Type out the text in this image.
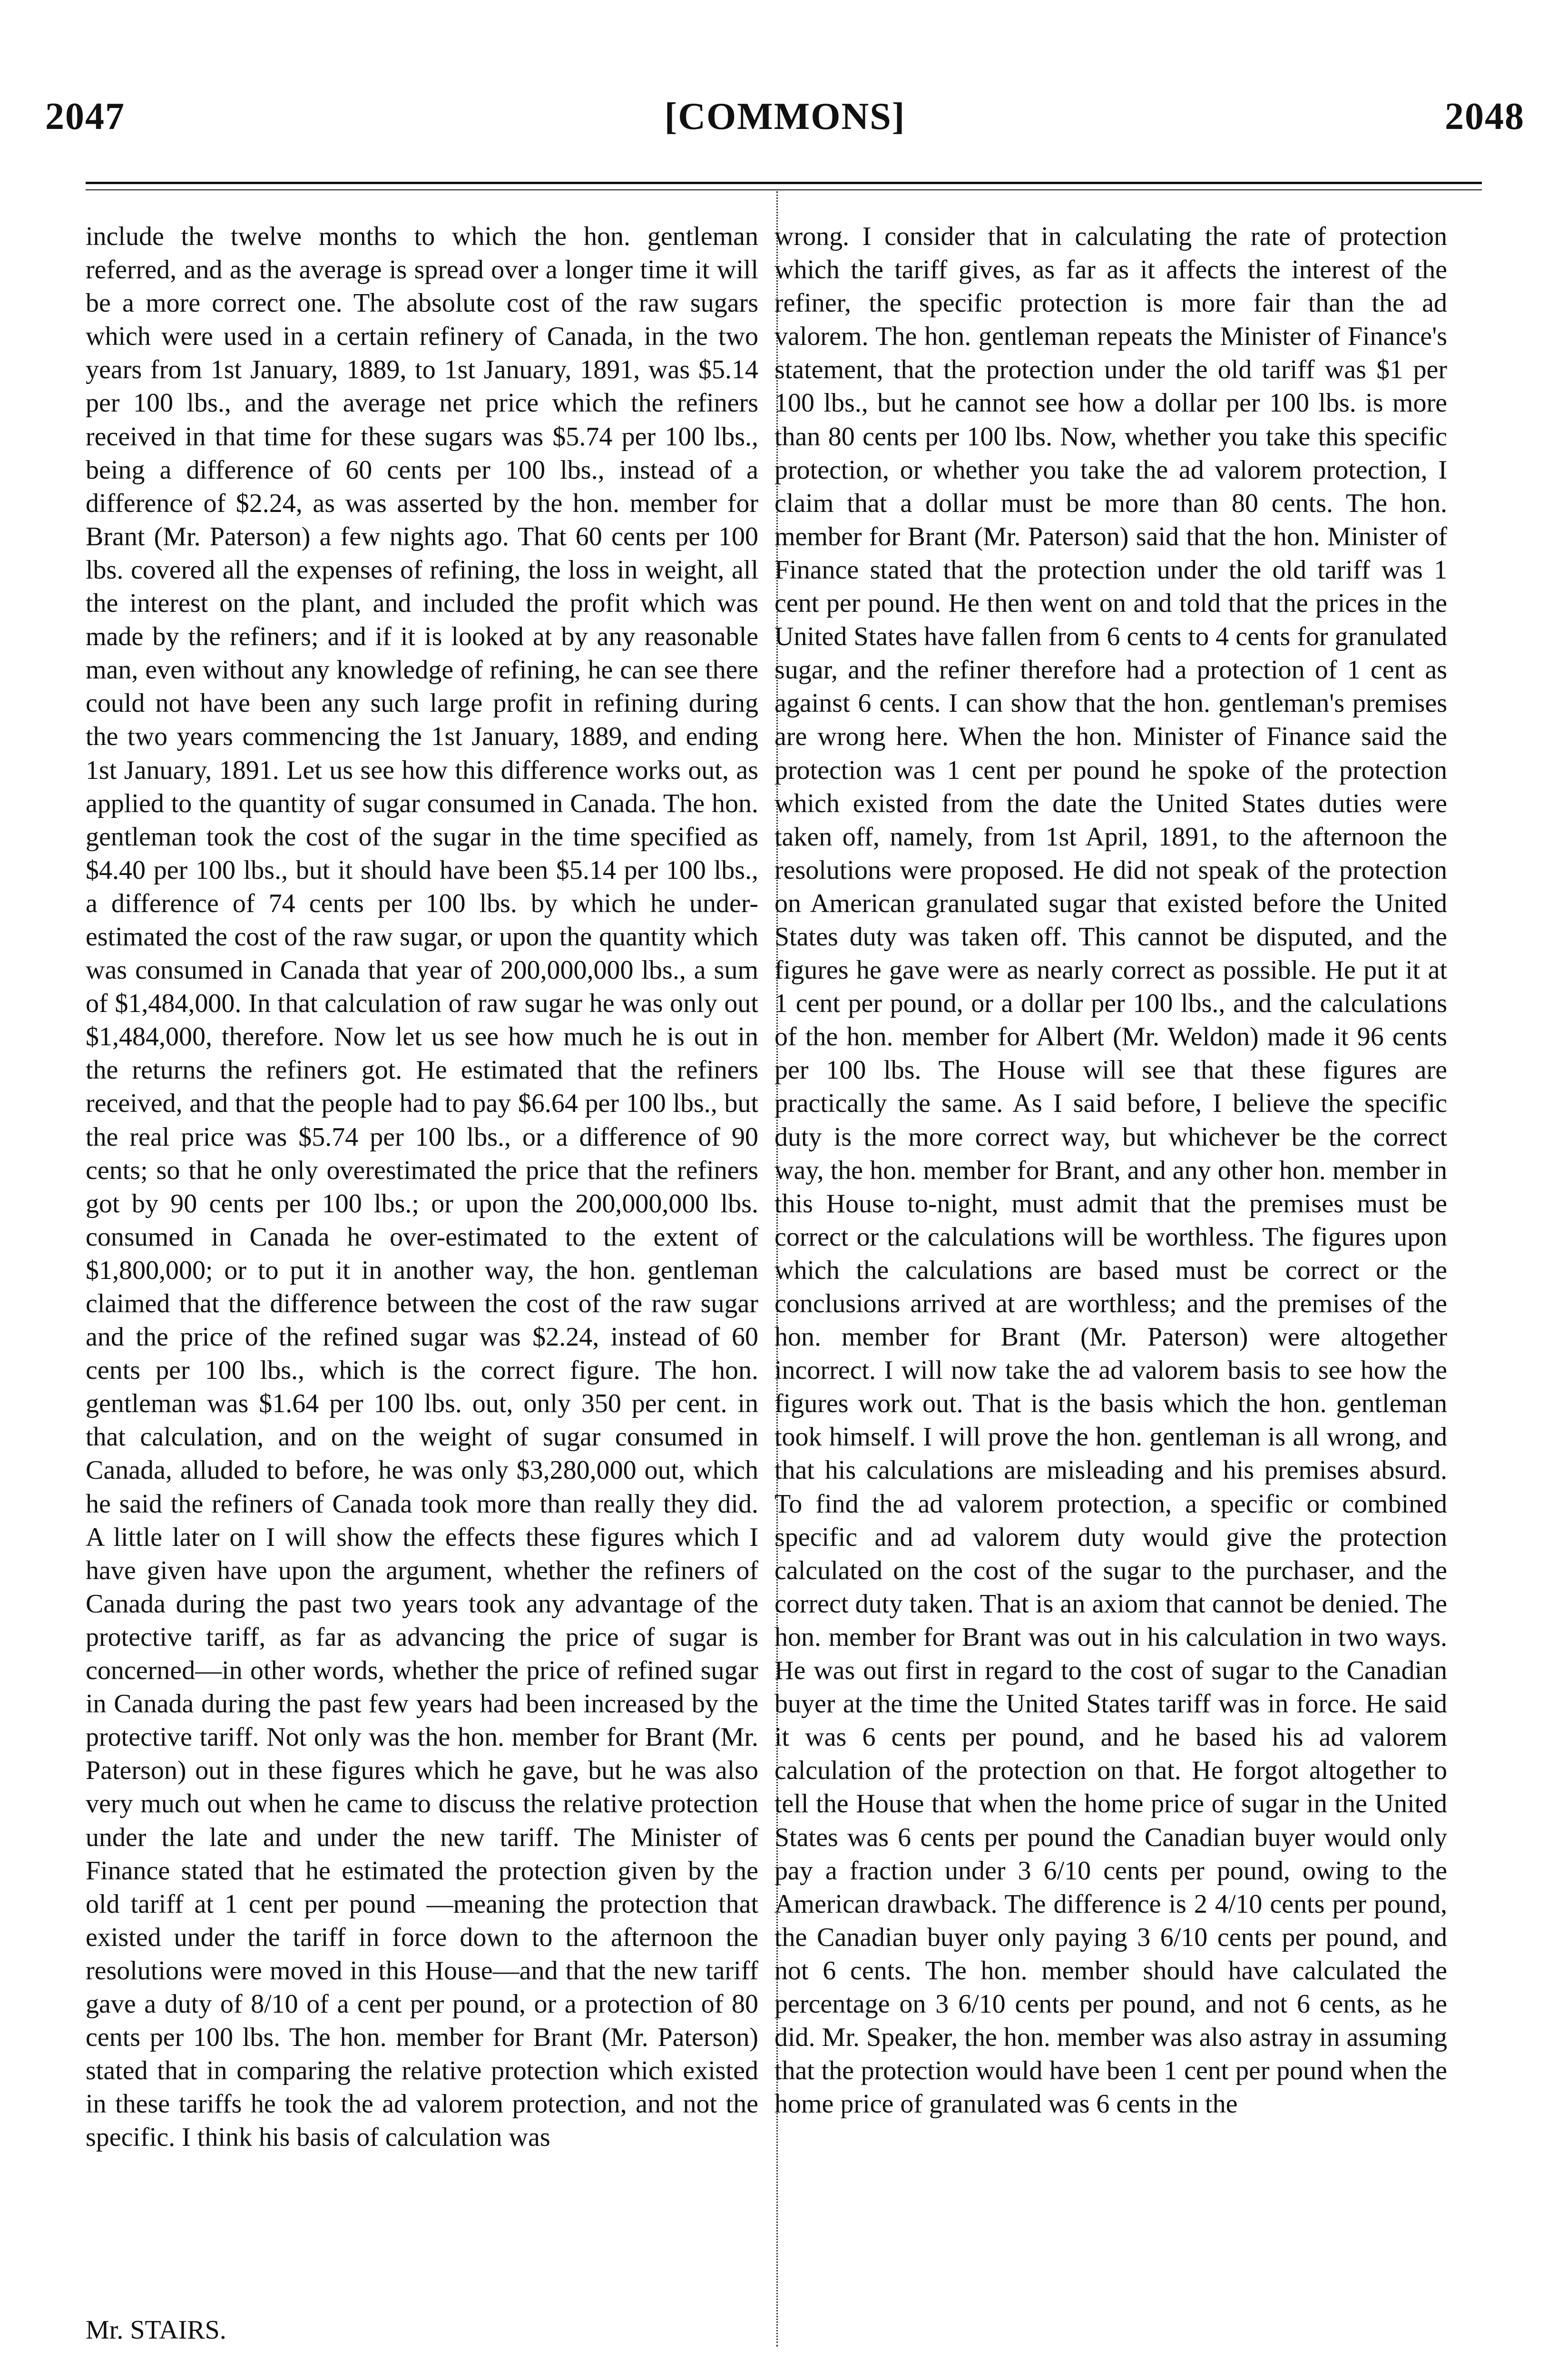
2047	[COMMONS]	2048

include the twelve months to which the hon. gentleman referred, and as the average is spread over a longer time it will be a more correct one. The absolute cost of the raw sugars which were used in a certain refinery of Canada, in the two years from 1st January, 1889, to 1st January, 1891, was $5.14 per 100 lbs., and the average net price which the refiners received in that time for these sugars was $5.74 per 100 lbs., being a difference of 60 cents per 100 lbs., instead of a difference of $2.24, as was asserted by the hon. member for Brant (Mr. Paterson) a few nights ago. That 60 cents per 100 lbs. covered all the expenses of refining, the loss in weight, all the interest on the plant, and included the profit which was made by the refiners; and if it is looked at by any reasonable man, even without any knowledge of refining, he can see there could not have been any such large profit in refining during the two years commencing the 1st January, 1889, and ending 1st January, 1891. Let us see how this difference works out, as applied to the quantity of sugar consumed in Canada. The hon. gentleman took the cost of the sugar in the time specified as $4.40 per 100 lbs., but it should have been $5.14 per 100 lbs., a difference of 74 cents per 100 lbs. by which he under-estimated the cost of the raw sugar, or upon the quantity which was consumed in Canada that year of 200,000,000 lbs., a sum of $1,484,000. In that calculation of raw sugar he was only out $1,484,000, therefore. Now let us see how much he is out in the returns the refiners got. He estimated that the refiners received, and that the people had to pay $6.64 per 100 lbs., but the real price was $5.74 per 100 lbs., or a difference of 90 cents; so that he only overestimated the price that the refiners got by 90 cents per 100 lbs.; or upon the 200,000,000 lbs. consumed in Canada he over-estimated to the extent of $1,800,000; or to put it in another way, the hon. gentleman claimed that the difference between the cost of the raw sugar and the price of the refined sugar was $2.24, instead of 60 cents per 100 lbs., which is the correct figure. The hon. gentleman was $1.64 per 100 lbs. out, only 350 per cent. in that calculation, and on the weight of sugar consumed in Canada, alluded to before, he was only $3,280,000 out, which he said the refiners of Canada took more than really they did. A little later on I will show the effects these figures which I have given have upon the argument, whether the refiners of Canada during the past two years took any advantage of the protective tariff, as far as advancing the price of sugar is concerned—in other words, whether the price of refined sugar in Canada during the past few years had been increased by the protective tariff. Not only was the hon. member for Brant (Mr. Paterson) out in these figures which he gave, but he was also very much out when he came to discuss the relative protection under the late and under the new tariff. The Minister of Finance stated that he estimated the protection given by the old tariff at 1 cent per pound —meaning the protection that existed under the tariff in force down to the afternoon the resolutions were moved in this House—and that the new tariff gave a duty of 8/10 of a cent per pound, or a protection of 80 cents per 100 lbs. The hon. member for Brant (Mr. Paterson) stated that in comparing the relative protection which existed in these tariffs he took the ad valorem protection, and not the specific. I think his basis of calculation was

wrong. I consider that in calculating the rate of protection which the tariff gives, as far as it affects the interest of the refiner, the specific protection is more fair than the ad valorem. The hon. gentleman repeats the Minister of Finance's statement, that the protection under the old tariff was $1 per 100 lbs., but he cannot see how a dollar per 100 lbs. is more than 80 cents per 100 lbs. Now, whether you take this specific protection, or whether you take the ad valorem protection, I claim that a dollar must be more than 80 cents. The hon. member for Brant (Mr. Paterson) said that the hon. Minister of Finance stated that the protection under the old tariff was 1 cent per pound. He then went on and told that the prices in the United States have fallen from 6 cents to 4 cents for granulated sugar, and the refiner therefore had a protection of 1 cent as against 6 cents. I can show that the hon. gentleman's premises are wrong here. When the hon. Minister of Finance said the protection was 1 cent per pound he spoke of the protection which existed from the date the United States duties were taken off, namely, from 1st April, 1891, to the afternoon the resolutions were proposed. He did not speak of the protection on American granulated sugar that existed before the United States duty was taken off. This cannot be disputed, and the figures he gave were as nearly correct as possible. He put it at 1 cent per pound, or a dollar per 100 lbs., and the calculations of the hon. member for Albert (Mr. Weldon) made it 96 cents per 100 lbs. The House will see that these figures are practically the same. As I said before, I believe the specific duty is the more correct way, but whichever be the correct way, the hon. member for Brant, and any other hon. member in this House to-night, must admit that the premises must be correct or the calculations will be worthless. The figures upon which the calculations are based must be correct or the conclusions arrived at are worthless; and the premises of the hon. member for Brant (Mr. Paterson) were altogether incorrect. I will now take the ad valorem basis to see how the figures work out. That is the basis which the hon. gentleman took himself. I will prove the hon. gentleman is all wrong, and that his calculations are misleading and his premises absurd. To find the ad valorem protection, a specific or combined specific and ad valorem duty would give the protection calculated on the cost of the sugar to the purchaser, and the correct duty taken. That is an axiom that cannot be denied. The hon. member for Brant was out in his calculation in two ways. He was out first in regard to the cost of sugar to the Canadian buyer at the time the United States tariff was in force. He said it was 6 cents per pound, and he based his ad valorem calculation of the protection on that. He forgot altogether to tell the House that when the home price of sugar in the United States was 6 cents per pound the Canadian buyer would only pay a fraction under 3 6/10 cents per pound, owing to the American drawback. The difference is 2 4/10 cents per pound, the Canadian buyer only paying 3 6/10 cents per pound, and not 6 cents. The hon. member should have calculated the percentage on 3 6/10 cents per pound, and not 6 cents, as he did. Mr. Speaker, the hon. member was also astray in assuming that the protection would have been 1 cent per pound when the home price of granulated was 6 cents in the

Mr. STAIRS.
